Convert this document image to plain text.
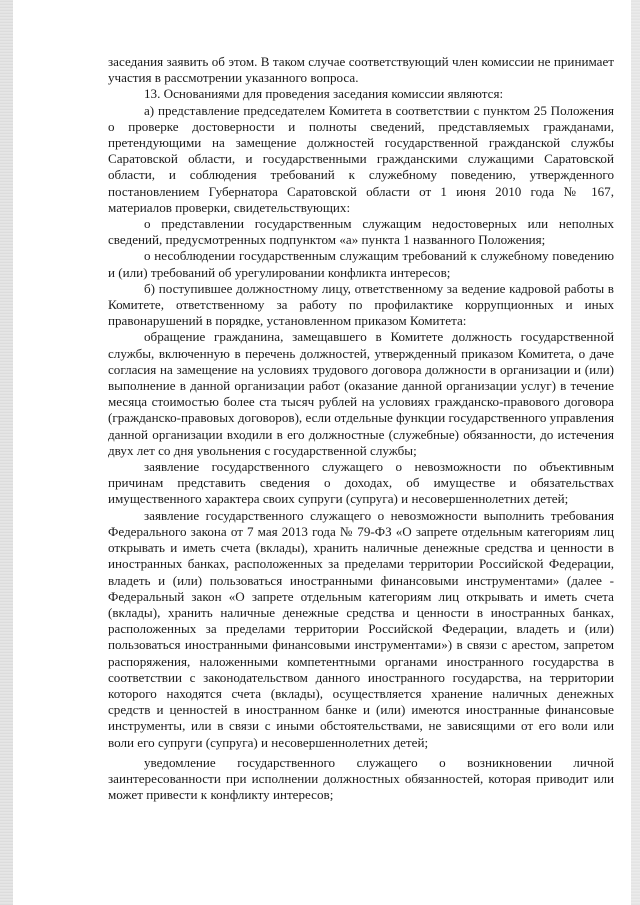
заседания заявить об этом. В таком случае соответствующий член комиссии не принимает участия в рассмотрении указанного вопроса.

13. Основаниями для проведения заседания комиссии являются:

а) представление председателем Комитета в соответствии с пунктом 25 Положения о проверке достоверности и полноты сведений, представляемых гражданами, претендующими на замещение должностей государственной гражданской службы Саратовской области, и государственными гражданскими служащими Саратовской области, и соблюдения требований к служебному поведению, утвержденного постановлением Губернатора Саратовской области от 1 июня 2010 года № 167, материалов проверки, свидетельствующих:

о представлении государственным служащим недостоверных или неполных сведений, предусмотренных подпунктом «а» пункта 1 названного Положения;

о несоблюдении государственным служащим требований к служебному поведению и (или) требований об урегулировании конфликта интересов;

б) поступившее должностному лицу, ответственному за ведение кадровой работы в Комитете, ответственному за работу по профилактике коррупционных и иных правонарушений в порядке, установленном приказом Комитета:

обращение гражданина, замещавшего в Комитете должность государственной службы, включенную в перечень должностей, утвержденный приказом Комитета, о даче согласия на замещение на условиях трудового договора должности в организации и (или) выполнение в данной организации работ (оказание данной организации услуг) в течение месяца стоимостью более ста тысяч рублей на условиях гражданско-правового договора (гражданско-правовых договоров), если отдельные функции государственного управления данной организации входили в его должностные (служебные) обязанности, до истечения двух лет со дня увольнения с государственной службы;

заявление государственного служащего о невозможности по объективным причинам представить сведения о доходах, об имуществе и обязательствах имущественного характера своих супруги (супруга) и несовершеннолетних детей;

заявление государственного служащего о невозможности выполнить требования Федерального закона от 7 мая 2013 года № 79-ФЗ «О запрете отдельным категориям лиц открывать и иметь счета (вклады), хранить наличные денежные средства и ценности в иностранных банках, расположенных за пределами территории Российской Федерации, владеть и (или) пользоваться иностранными финансовыми инструментами» (далее - Федеральный закон «О запрете отдельным категориям лиц открывать и иметь счета (вклады), хранить наличные денежные средства и ценности в иностранных банках, расположенных за пределами территории Российской Федерации, владеть и (или) пользоваться иностранными финансовыми инструментами») в связи с арестом, запретом распоряжения, наложенными компетентными органами иностранного государства в соответствии с законодательством данного иностранного государства, на территории которого находятся счета (вклады), осуществляется хранение наличных денежных средств и ценностей в иностранном банке и (или) имеются иностранные финансовые инструменты, или в связи с иными обстоятельствами, не зависящими от его воли или воли его супруги (супруга) и несовершеннолетних детей;

уведомление государственного служащего о возникновении личной заинтересованности при исполнении должностных обязанностей, которая приводит или может привести к конфликту интересов;
